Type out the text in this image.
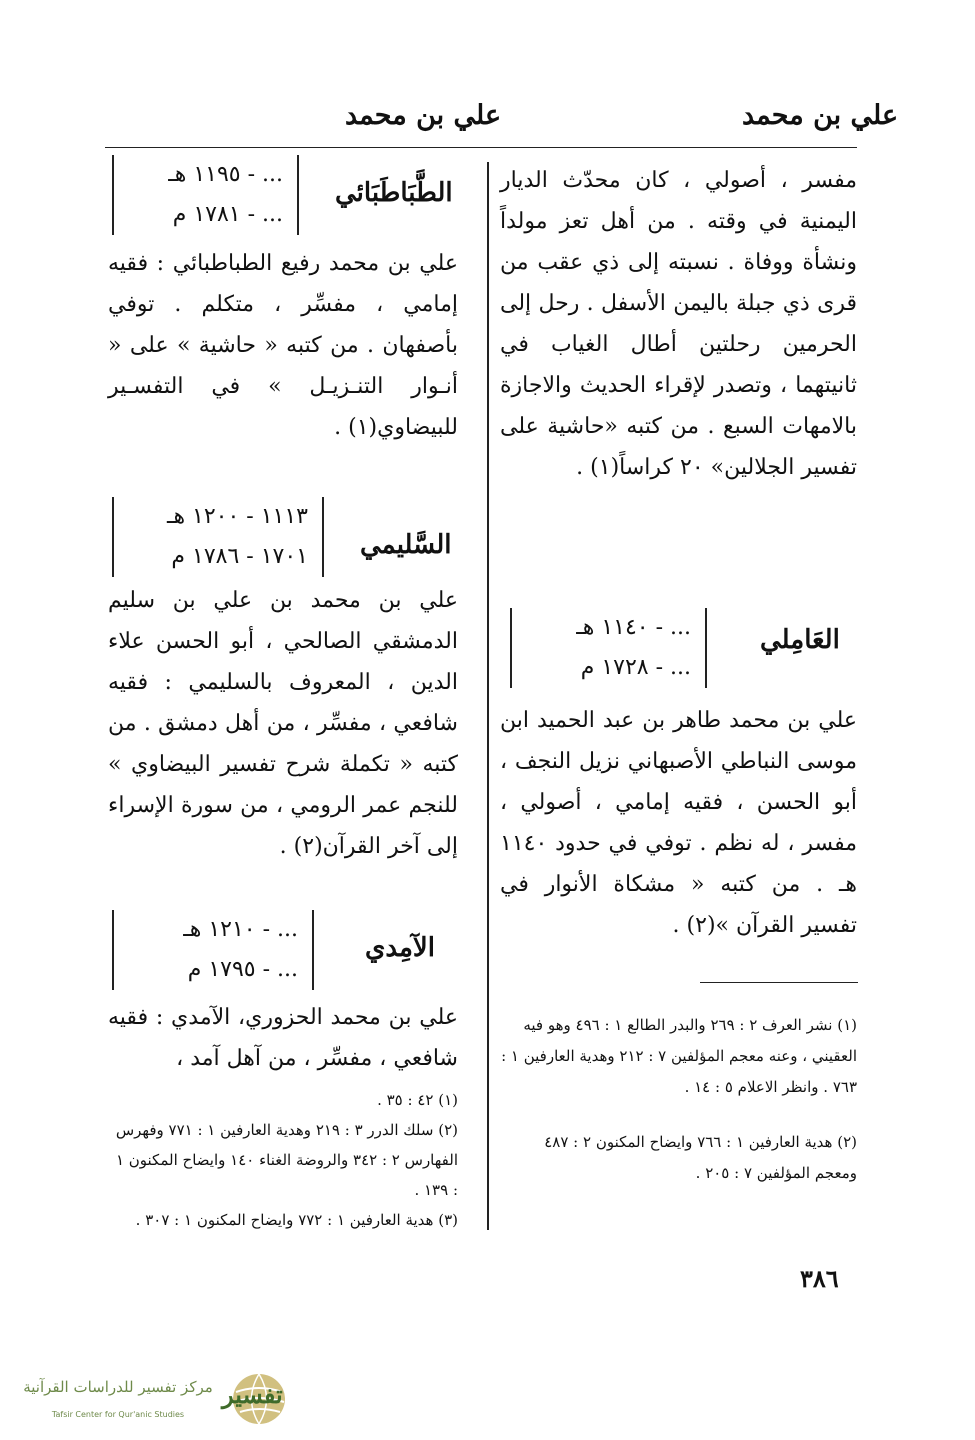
علي بن محمد	علي بن محمد

مفسر ، أصولي ، كان محدّث الديار اليمنية في وقته . من أهل تعز مولداً ونشأة ووفاة . نسبته إلى ذي عقب من قرى ذي جبلة باليمن الأسفل . رحل إلى الحرمين رحلتين أطال الغياب في ثانيتهما ، وتصدر لإقراء الحديث والاجازة بالامهات السبع . من كتبه «حاشية على تفسير الجلالين» ٢٠ كراساً(١) .

العَامِلي
... - ١١٤٠ هـ
... - ١٧٢٨ م

علي بن محمد طاهر بن عبد الحميد ابن موسى النباطي الأصبهاني نزيل النجف ، أبو الحسن ، فقيه إمامي ، أصولي ، مفسر ، له نظم . توفي في حدود ١١٤٠ هـ . من كتبه « مشكاة الأنوار في تفسير القرآن »(٢) .

(١) نشر العرف ٢ : ٢٦٩ والبدر الطالع ١ : ٤٩٦ وهو فيه العقيني ، وعنه معجم المؤلفين ٧ : ٢١٢ وهدية العارفين ١ : ٧٦٣ . وانظر الاعلام ٥ : ١٤ .

(٢) هدية العارفين ١ : ٧٦٦ وايضاح المكنون ٢ : ٤٨٧ ومعجم المؤلفين ٧ : ٢٠٥ .

الطَّبَاطَبَائي
... - ١١٩٥ هـ
... - ١٧٨١ م

علي بن محمد رفيع الطباطبائي : فقيه إمامي ، مفسِّر ، متكلم . توفي بأصفهان . من كتبه « حاشية » على « أنـوار التنـزيـل » في التفسـير للبيضاوي(١) .

السَّليمي
١١١٣ - ١٢٠٠ هـ
١٧٠١ - ١٧٨٦ م

علي بن محمد بن علي بن سليم الدمشقي الصالحي ، أبو الحسن علاء الدين ، المعروف بالسليمي : فقيه شافعي ، مفسِّر ، من أهل دمشق . من كتبه « تكملة شرح تفسير البيضاوي » للنجم عمر الرومي ، من سورة الإسراء إلى آخر القرآن(٢) .

الآمِدي
... - ١٢١٠ هـ
... - ١٧٩٥ م

علي بن محمد الحزوري، الآمدي : فقيه شافعي ، مفسِّر ، من آهل آمد ،

(١) ٤٢ : ٣٥ .

(٢) سلك الدرر ٣ : ٢١٩ وهدية العارفين ١ : ٧٧١ وفهرس الفهارس ٢ : ٣٤٢ والروضة الغناء ١٤٠ وايضاح المكنون ١ : ١٣٩ .

(٣) هدية العارفين ١ : ٧٧٢ وايضاح المكنون ١ : ٣٠٧ .

٣٨٦
تفسير
مركز تفسير للدراسات القرآنية
Tafsir Center for Qur'anic Studies
